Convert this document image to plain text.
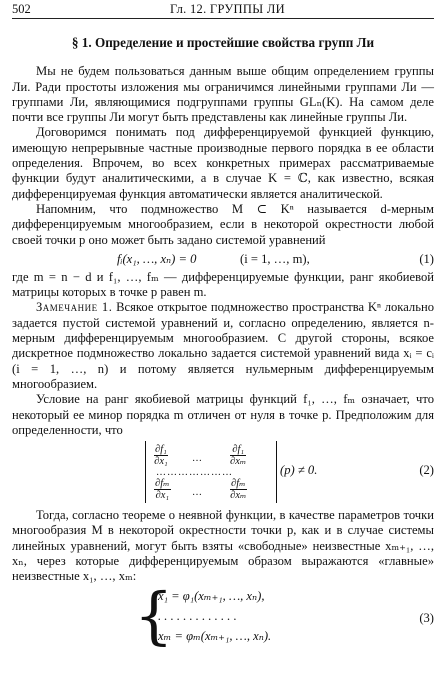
502	Гл. 12. ГРУППЫ ЛИ
§ 1. Определение и простейшие свойства групп Ли

Мы не будем пользоваться данным выше общим определением группы Ли. Ради простоты изложения мы ограничимся линейными группами Ли — группами Ли, являющимися подгруппами группы GLₙ(K). На самом деле почти все группы Ли могут быть представлены как линейные группы Ли.

Договоримся понимать под дифференцируемой функцией функцию, имеющую непрерывные частные производные первого порядка в ее области определения. Впрочем, во всех конкретных примерах рассматриваемые функции будут аналитическими, а в случае K = ℂ, как известно, всякая дифференцируемая функция автоматически является аналитической.

Напомним, что подмножество M ⊂ Kⁿ называется d-мерным дифференцируемым многообразием, если в некоторой окрестности любой своей точки p оно может быть задано системой уравнений

fᵢ(x₁, …, xₙ) = 0	(i = 1, …, m),	(1)

где m = n − d и f₁, …, fₘ — дифференцируемые функции, ранг якобиевой матрицы которых в точке p равен m.

Замечание 1. Всякое открытое подмножество пространства Kⁿ локально задается пустой системой уравнений и, согласно определению, является n-мерным дифференцируемым многообразием. С другой стороны, всякое дискретное подмножество локально задается системой уравнений вида xᵢ = cᵢ (i = 1, …, n) и потому является нульмерным дифференцируемым многообразием.

Условие на ранг якобиевой матрицы функций f₁, …, fₘ означает, что некоторый ее минор порядка m отличен от нуля в точке p. Предположим для определенности, что

$\frac{\text{∂f₁}}{\text{∂x₁}}$ …	$\frac{\text{∂f₁}}{\text{∂xₘ}}$
…………………
$\frac{\text{∂fₘ}}{\text{∂x₁}}$ …	$\frac{\text{∂fₘ}}{\text{∂xₘ}}$
(p) ≠ 0.	(2)

Тогда, согласно теореме о неявной функции, в качестве параметров точки многообразия M в некоторой окрестности точки p, как и в случае системы линейных уравнений, могут быть взяты «свободные» неизвестные xₘ₊₁, …, xₙ, через которые дифференцируемым образом выражаются «главные» неизвестные x₁, …, xₘ:

{
x₁ = φ₁(xₘ₊₁, …, xₙ),
. . . . . . . . . . . . .
xₘ = φₘ(xₘ₊₁, …, xₙ).
(3)
